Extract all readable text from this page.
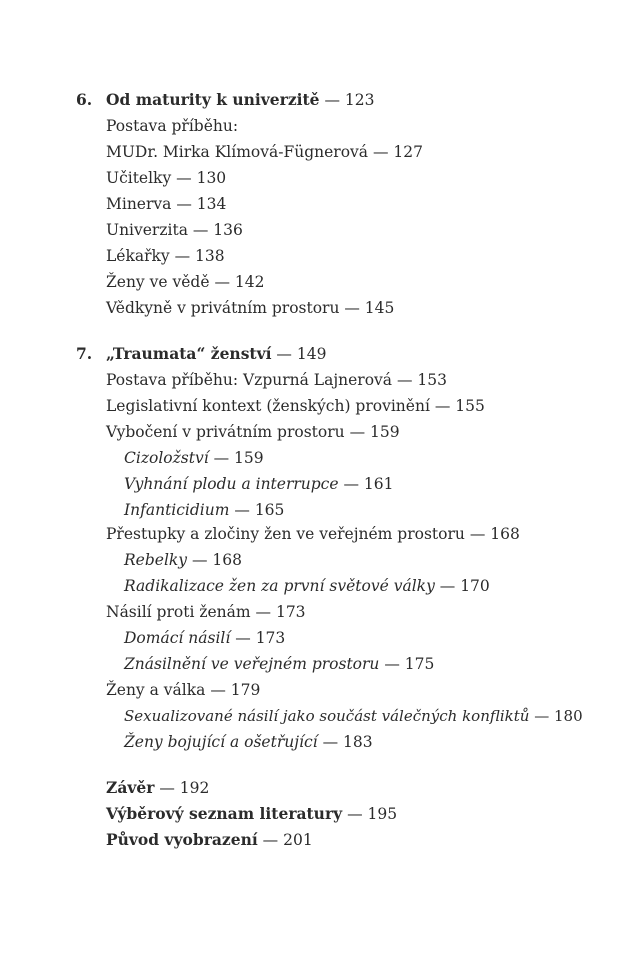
6. Od maturity k univerzitě — 123
Postava příběhu:
MUDr. Mirka Klímová-Fügnerová — 127
Učitelky — 130
Minerva — 134
Univerzita — 136
Lékařky — 138
Ženy ve vědě — 142
Vědkyně v privátním prostoru — 145
7. „Traumata“ ženství — 149
Postava příběhu: Vzpurná Lajnerová — 153
Legislativní kontext (ženských) provinění — 155
Vybočení v privátním prostoru — 159
Cizoložství — 159
Vyhnání plodu a interrupce — 161
Infanticidium — 165
Přestupky a zločiny žen ve veřejném prostoru — 168
Rebelky — 168
Radikalizace žen za první světové války — 170
Násilí proti ženám — 173
Domácí násilí — 173
Znásilnění ve veřejném prostoru — 175
Ženy a válka — 179
Sexualizované násilí jako součást válečných konfliktů — 180
Ženy bojující a ošetřující — 183
Závěr — 192
Výběrový seznam literatury — 195
Původ vyobrazení — 201
